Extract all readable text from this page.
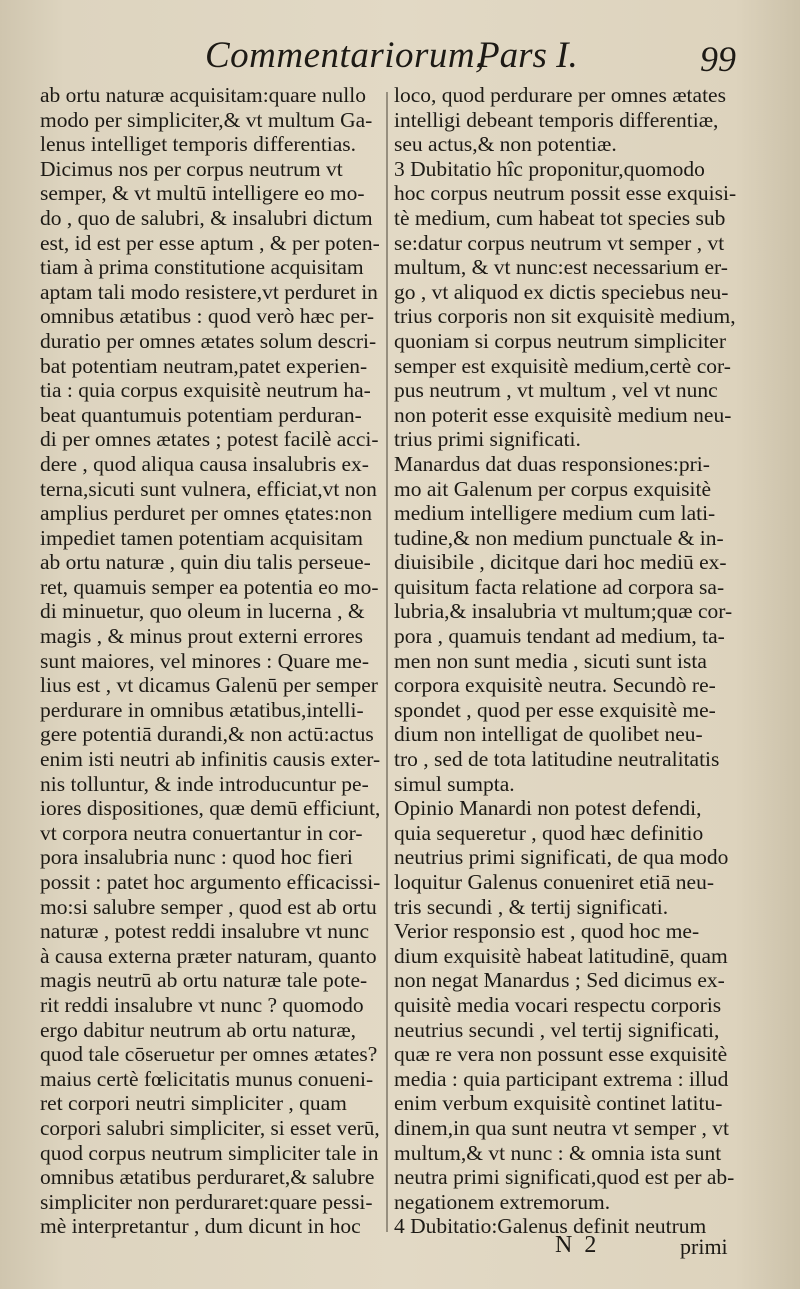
Commentariorum,
Pars I.	99
ab ortu naturæ acquisitam:quare nullo
modo per simpliciter,& vt multum Ga-
lenus intelliget temporis differentias.
Dicimus nos per corpus neutrum vt
semper, & vt multū intelligere eo mo-
do , quo de salubri, & insalubri dictum
est, id est per esse aptum , & per poten-
tiam à prima constitutione acquisitam
aptam tali modo resistere,vt perduret in
omnibus ætatibus : quod verò hæc per-
duratio per omnes ætates solum descri-
bat potentiam neutram,patet experien-
tia : quia corpus exquisitè neutrum ha-
beat quantumuis potentiam perduran-
di per omnes ætates ; potest facilè acci-
dere , quod aliqua causa insalubris ex-
terna,sicuti sunt vulnera, efficiat,vt non
amplius perduret per omnes ętates:non
impediet tamen potentiam acquisitam
ab ortu naturæ , quin diu talis perseue-
ret, quamuis semper ea potentia eo mo-
di minuetur, quo oleum in lucerna , &
magis , & minus prout externi errores
sunt maiores, vel minores : Quare me-
lius est , vt dicamus Galenū per semper
perdurare in omnibus ætatibus,intelli-
gere potentiā durandi,& non actū:actus
enim isti neutri ab infinitis causis exter-
nis tolluntur, & inde introducuntur pe-
iores dispositiones, quæ demū efficiunt,
vt corpora neutra conuertantur in cor-
pora insalubria nunc : quod hoc fieri
possit : patet hoc argumento efficacissi-
mo:si salubre semper , quod est ab ortu
naturæ , potest reddi insalubre vt nunc
à causa externa præter naturam, quanto
magis neutrū ab ortu naturæ tale pote-
rit reddi insalubre vt nunc ? quomodo
ergo dabitur neutrum ab ortu naturæ,
quod tale cōseruetur per omnes ætates?
maius certè fœlicitatis munus conueni-
ret corpori neutri simpliciter , quam
corpori salubri simpliciter, si esset verū,
quod corpus neutrum simpliciter tale in
omnibus ætatibus perduraret,& salubre
simpliciter non perduraret:quare pessi-
mè interpretantur , dum dicunt in hoc
loco, quod perdurare per omnes ætates
intelligi debeant temporis differentiæ,
seu actus,& non potentiæ.
3 Dubitatio hîc proponitur,quomodo
hoc corpus neutrum possit esse exquisi-
tè medium, cum habeat tot species sub
se:datur corpus neutrum vt semper , vt
multum, & vt nunc:est necessarium er-
go , vt aliquod ex dictis speciebus neu-
trius corporis non sit exquisitè medium,
quoniam si corpus neutrum simpliciter
semper est exquisitè medium,certè cor-
pus neutrum , vt multum , vel vt nunc
non poterit esse exquisitè medium neu-
trius primi significati.
Manardus dat duas responsiones:pri-
mo ait Galenum per corpus exquisitè
medium intelligere medium cum lati-
tudine,& non medium punctuale & in-
diuisibile , dicitque dari hoc mediū ex-
quisitum facta relatione ad corpora sa-
lubria,& insalubria vt multum;quæ cor-
pora , quamuis tendant ad medium, ta-
men non sunt media , sicuti sunt ista
corpora exquisitè neutra. Secundò re-
spondet , quod per esse exquisitè me-
dium non intelligat de quolibet neu-
tro , sed de tota latitudine neutralitatis
simul sumpta.
Opinio Manardi non potest defendi,
quia sequeretur , quod hæc definitio
neutrius primi significati, de qua modo
loquitur Galenus conueniret etiā neu-
tris secundi , & tertij significati.
Verior responsio est , quod hoc me-
dium exquisitè habeat latitudinē, quam
non negat Manardus ; Sed dicimus ex-
quisitè media vocari respectu corporis
neutrius secundi , vel tertij significati,
quæ re vera non possunt esse exquisitè
media : quia participant extrema : illud
enim verbum exquisitè continet latitu-
dinem,in qua sunt neutra vt semper , vt
multum,& vt nunc : & omnia ista sunt
neutra primi significati,quod est per ab-
negationem extremorum.
4 Dubitatio:Galenus definit neutrum
N 2	primi
